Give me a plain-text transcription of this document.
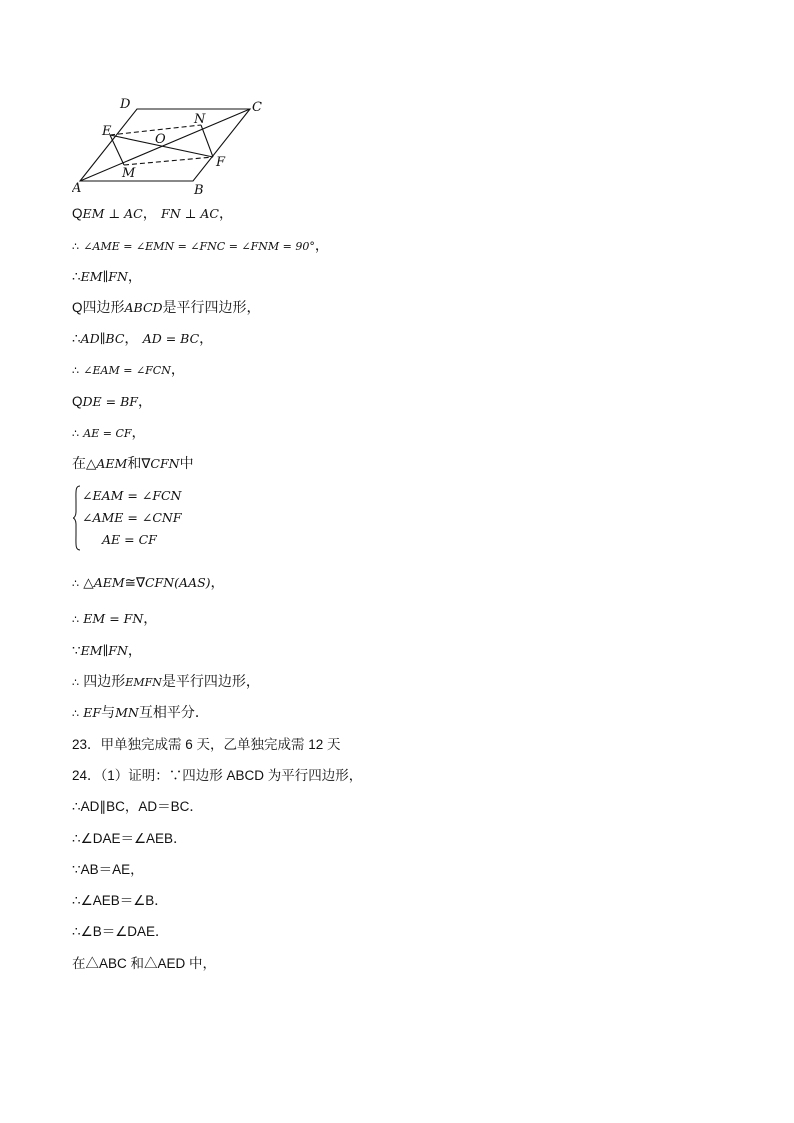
A	B
C
D
E
F
M
N
O
QEM ⊥ AC， FN ⊥ AC，
∴ ∠AME = ∠EMN = ∠FNC = ∠FNM = 90°，
∴EM∥FN，
Q四边形ABCD是平行四边形，
∴AD∥BC， AD = BC，
∴ ∠EAM = ∠FCN，
QDE = BF，
∴ AE = CF，
在△AEM和∇CFN中
∠EAM = ∠FCN
∠AME = ∠CNF
AE = CF
∴ △AEM≅∇CFN(AAS)，
∴ EM = FN，
∵EM∥FN，
∴ 四边形EMFN是平行四边形，
∴ EF与MN互相平分．
23．甲单独完成需 6 天，乙单独完成需 12 天
24．（1）证明：∵四边形 ABCD 为平行四边形，
∴AD∥BC，AD＝BC．
∴∠DAE＝∠AEB．
∵AB＝AE，
∴∠AEB＝∠B．
∴∠B＝∠DAE．
在△ABC 和△AED 中，
